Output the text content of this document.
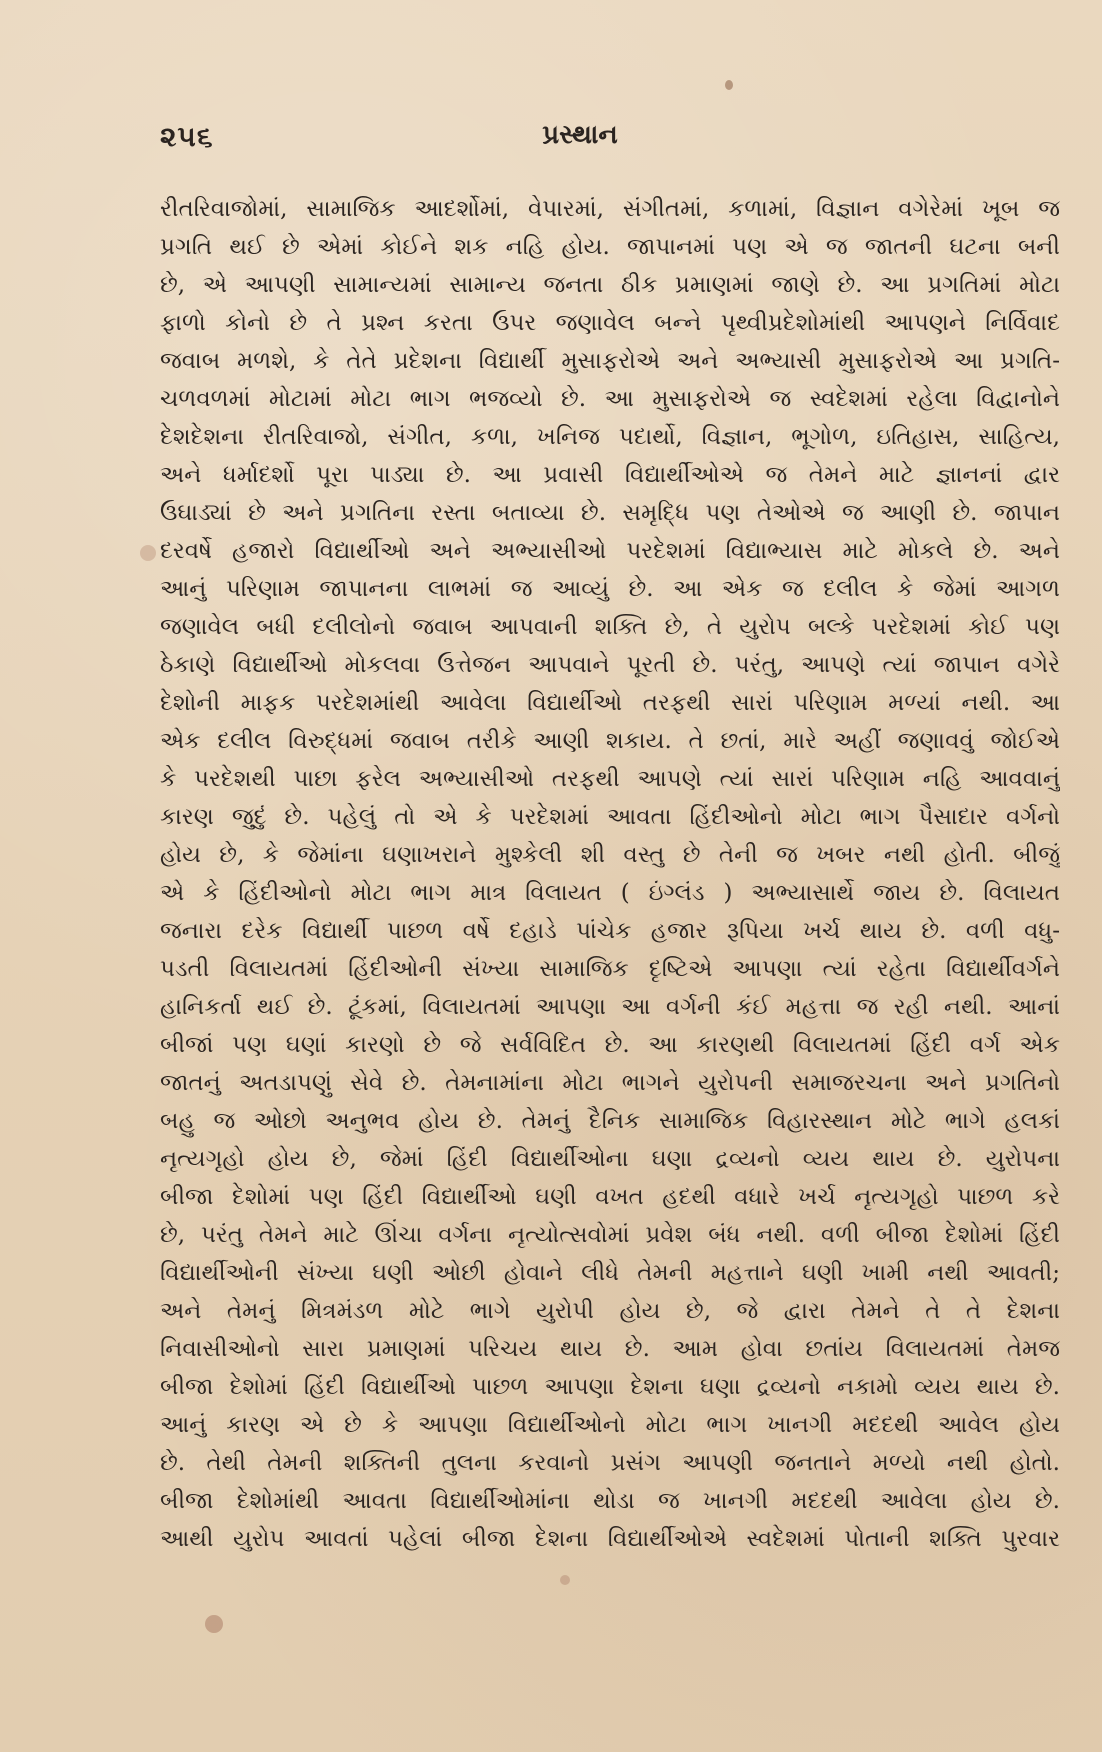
૨૫૬	પ્રસ્થાન
રીતરિવાજોમાં, સામાજિક આદર્શોમાં, વેપારમાં, સંગીતમાં, કળામાં, વિજ્ઞાન વગેરેમાં ખૂબ જ
પ્રગતિ થઈ છે એમાં કોઈને શક નહિ હોય. જાપાનમાં પણ એ જ જાતની ઘટના બની
છે, એ આપણી સામાન્યમાં સામાન્ય જનતા ઠીક પ્રમાણમાં જાણે છે. આ પ્રગતિમાં મોટા
ફાળો કોનો છે તે પ્રશ્ન કરતા ઉપર જણાવેલ બન્ને પૃથ્વીપ્રદેશોમાંથી આપણને નિર્વિવાદ
જવાબ મળશે, કે તેતે પ્રદેશના વિદ્યાર્થી મુસાફરોએ અને અભ્યાસી મુસાફરોએ આ પ્રગતિ-
ચળવળમાં મોટામાં મોટા ભાગ ભજવ્યો છે. આ મુસાફરોએ જ સ્વદેશમાં રહેલા વિદ્વાનોને
દેશદેશના રીતરિવાજો, સંગીત, કળા, ખનિજ પદાર્થો, વિજ્ઞાન, ભૂગોળ, ઇતિહાસ, સાહિત્ય,
અને ધર્માદર્શો પૂરા પાડ્યા છે. આ પ્રવાસી વિદ્યાર્થીઓએ જ તેમને માટે જ્ઞાનનાં દ્વાર
ઉઘાડ્યાં છે અને પ્રગતિના રસ્તા બતાવ્યા છે. સમૃદ્ધિ પણ તેઓએ જ આણી છે. જાપાન
દરવર્ષે હજારો વિદ્યાર્થીઓ અને અભ્યાસીઓ પરદેશમાં વિદ્યાભ્યાસ માટે મોકલે છે. અને
આનું પરિણામ જાપાનના લાભમાં જ આવ્યું છે. આ એક જ દલીલ કે જેમાં આગળ
જણાવેલ બધી દલીલોનો જવાબ આપવાની શક્તિ છે, તે યુરોપ બલ્કે પરદેશમાં કોઈ પણ
ઠેકાણે વિદ્યાર્થીઓ મોકલવા ઉત્તેજન આપવાને પૂરતી છે. પરંતુ, આપણે ત્યાં જાપાન વગેરે
દેશોની માફક પરદેશમાંથી આવેલા વિદ્યાર્થીઓ તરફથી સારાં પરિણામ મળ્યાં નથી. આ
એક દલીલ વિરુદ્ધમાં જવાબ તરીકે આણી શકાય. તે છતાં, મારે અહીં જણાવવું જોઈએ
કે પરદેશથી પાછા ફરેલ અભ્યાસીઓ તરફથી આપણે ત્યાં સારાં પરિણામ નહિ આવવાનું
કારણ જુદું છે. પહેલું તો એ કે પરદેશમાં આવતા હિંદીઓનો મોટા ભાગ પૈસાદાર વર્ગનો
હોય છે, કે જેમાંના ઘણાખરાને મુશ્કેલી શી વસ્તુ છે તેની જ ખબર નથી હોતી. બીજું
એ કે હિંદીઓનો મોટા ભાગ માત્ર વિલાયત ( ઇંગ્લંડ ) અભ્યાસાર્થે જાય છે. વિલાયત
જનારા દરેક વિદ્યાર્થી પાછળ વર્ષે દહાડે પાંચેક હજાર રૂપિયા ખર્ચ થાય છે. વળી વધુ-
પડતી વિલાયતમાં હિંદીઓની સંખ્યા સામાજિક દૃષ્ટિએ આપણા ત્યાં રહેતા વિદ્યાર્થીવર્ગને
હાનિકર્તા થઈ છે. ટૂંકમાં, વિલાયતમાં આપણા આ વર્ગની કંઈ મહત્તા જ રહી નથી. આનાં
બીજાં પણ ઘણાં કારણો છે જે સર્વવિદિત છે. આ કારણથી વિલાયતમાં હિંદી વર્ગ એક
જાતનું અતડાપણું સેવે છે. તેમનામાંના મોટા ભાગને યુરોપની સમાજરચના અને પ્રગતિનો
બહુ જ ઓછો અનુભવ હોય છે. તેમનું દૈનિક સામાજિક વિહારસ્થાન મોટે ભાગે હલકાં
નૃત્યગૃહો હોય છે, જેમાં હિંદી વિદ્યાર્થીઓના ઘણા દ્રવ્યનો વ્યય થાય છે. યુરોપના
બીજા દેશોમાં પણ હિંદી વિદ્યાર્થીઓ ઘણી વખત હદથી વધારે ખર્ચ નૃત્યગૃહો પાછળ કરે
છે, પરંતુ તેમને માટે ઊંચા વર્ગના નૃત્યોત્સવોમાં પ્રવેશ બંધ નથી. વળી બીજા દેશોમાં હિંદી
વિદ્યાર્થીઓની સંખ્યા ઘણી ઓછી હોવાને લીધે તેમની મહત્તાને ઘણી ખામી નથી આવતી;
અને તેમનું મિત્રમંડળ મોટે ભાગે યુરોપી હોય છે, જે દ્વારા તેમને તે તે દેશના
નિવાસીઓનો સારા પ્રમાણમાં પરિચય થાય છે. આમ હોવા છતાંય વિલાયતમાં તેમજ
બીજા દેશોમાં હિંદી વિદ્યાર્થીઓ પાછળ આપણા દેશના ઘણા દ્રવ્યનો નકામો વ્યય થાય છે.
આનું કારણ એ છે કે આપણા વિદ્યાર્થીઓનો મોટા ભાગ ખાનગી મદદથી આવેલ હોય
છે. તેથી તેમની શક્તિની તુલના કરવાનો પ્રસંગ આપણી જનતાને મળ્યો નથી હોતો.
બીજા દેશોમાંથી આવતા વિદ્યાર્થીઓમાંના થોડા જ ખાનગી મદદથી આવેલા હોય છે.
આથી યુરોપ આવતાં પહેલાં બીજા દેશના વિદ્યાર્થીઓએ સ્વદેશમાં પોતાની શક્તિ પુરવાર
